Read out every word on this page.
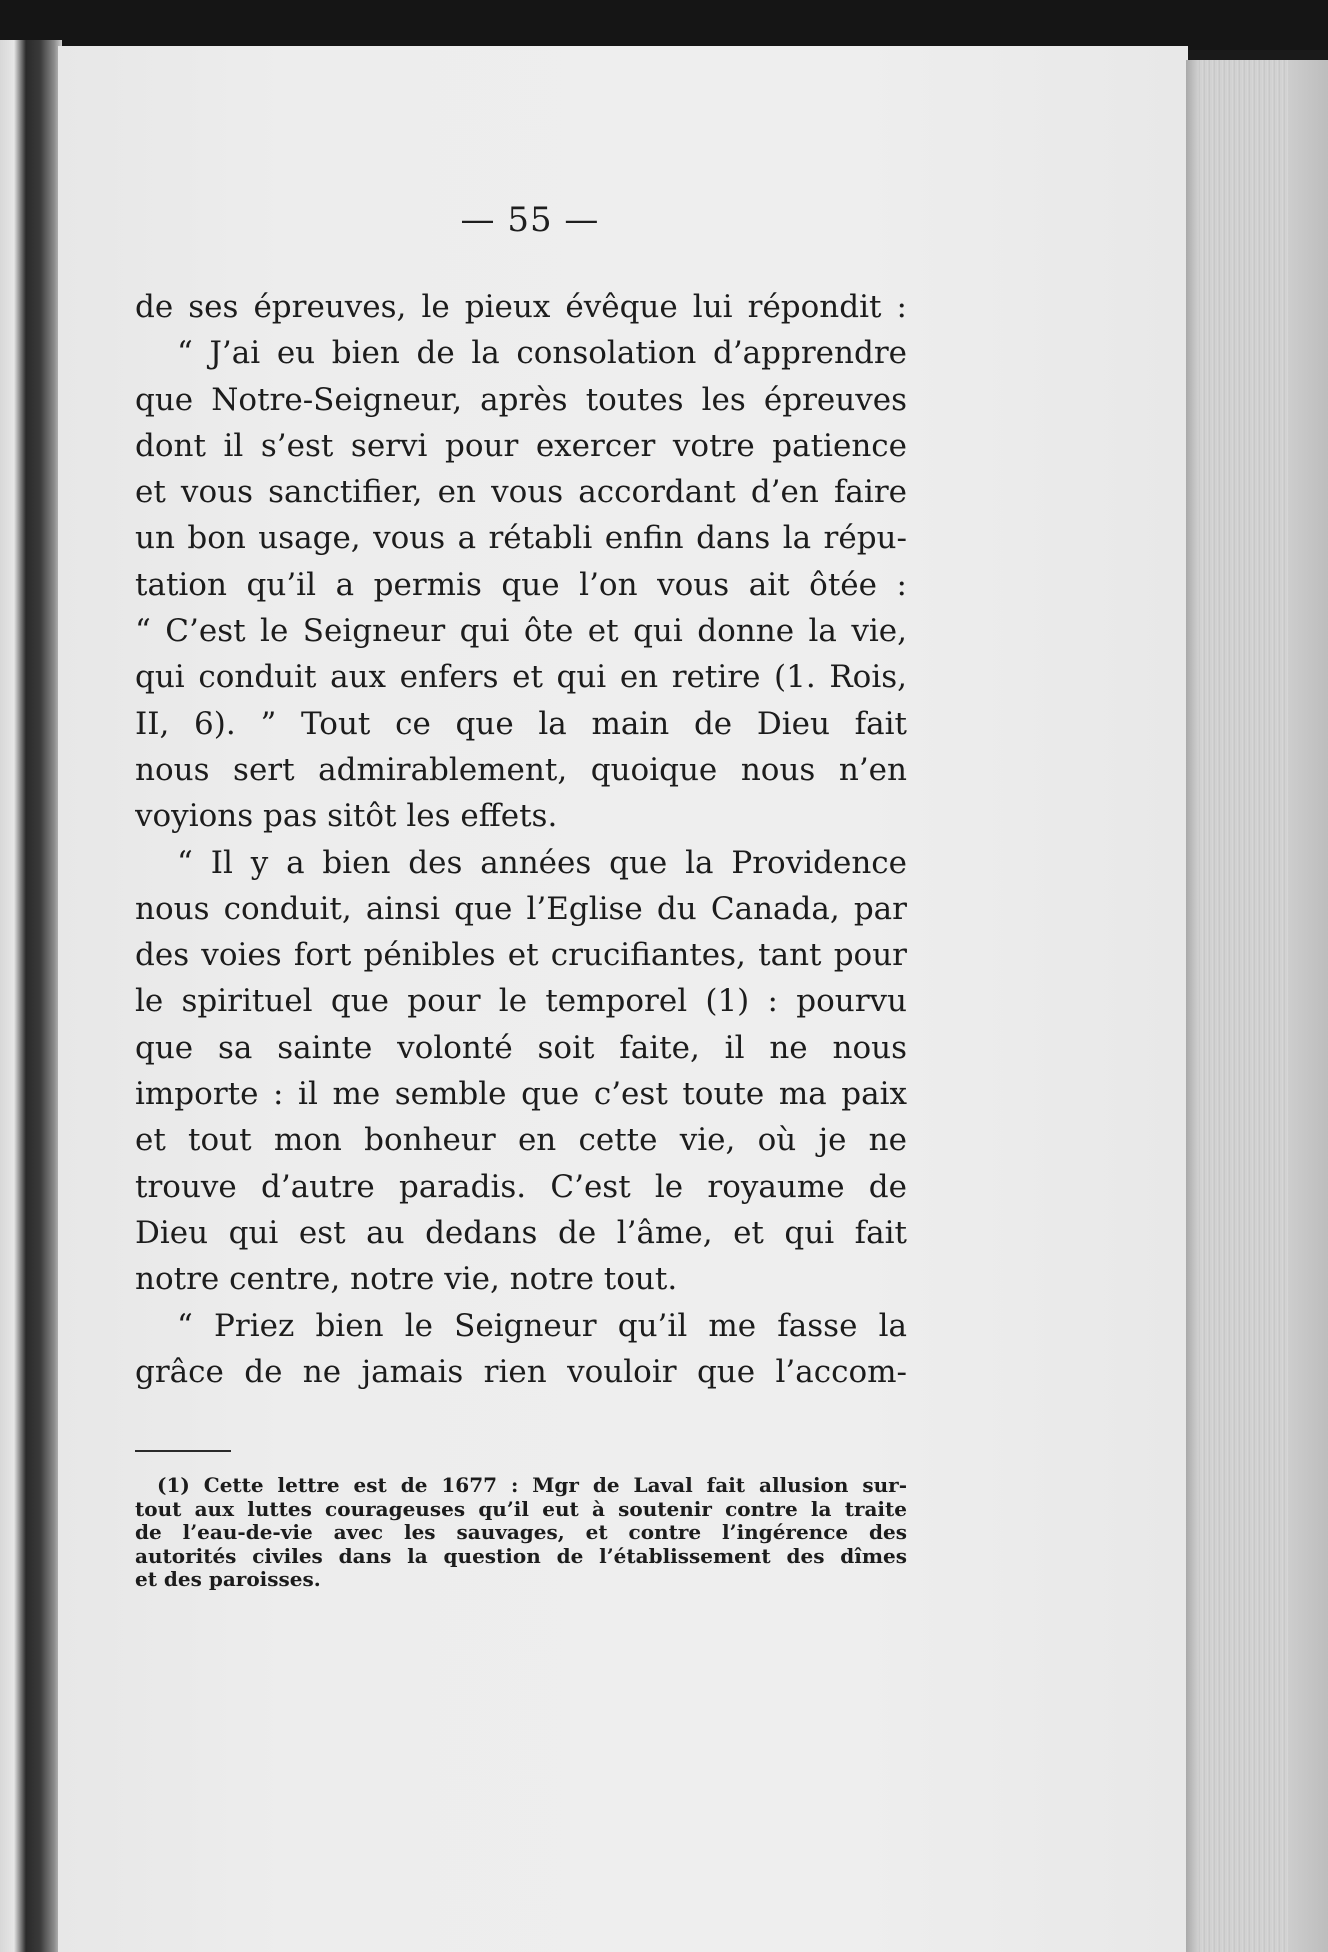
— 55 —
de ses épreuves, le pieux évêque lui répondit :
“ J’ai eu bien de la consolation d’apprendre
que Notre-Seigneur, après toutes les épreuves
dont il s’est servi pour exercer votre patience
et vous sanctifier, en vous accordant d’en faire
un bon usage, vous a rétabli enfin dans la répu-
tation qu’il a permis que l’on vous ait ôtée :
“ C’est le Seigneur qui ôte et qui donne la vie,
qui conduit aux enfers et qui en retire (1. Rois,
II, 6). ” Tout ce que la main de Dieu fait
nous sert admirablement, quoique nous n’en
voyions pas sitôt les effets.
“ Il y a bien des années que la Providence
nous conduit, ainsi que l’Eglise du Canada, par
des voies fort pénibles et crucifiantes, tant pour
le spirituel que pour le temporel (1) : pourvu
que sa sainte volonté soit faite, il ne nous
importe : il me semble que c’est toute ma paix
et tout mon bonheur en cette vie, où je ne
trouve d’autre paradis. C’est le royaume de
Dieu qui est au dedans de l’âme, et qui fait
notre centre, notre vie, notre tout.
“ Priez bien le Seigneur qu’il me fasse la
grâce de ne jamais rien vouloir que l’accom-
(1) Cette lettre est de 1677 : Mgr de Laval fait allusion sur-
tout aux luttes courageuses qu’il eut à soutenir contre la traite
de l’eau-de-vie avec les sauvages, et contre l’ingérence des
autorités civiles dans la question de l’établissement des dîmes
et des paroisses.
